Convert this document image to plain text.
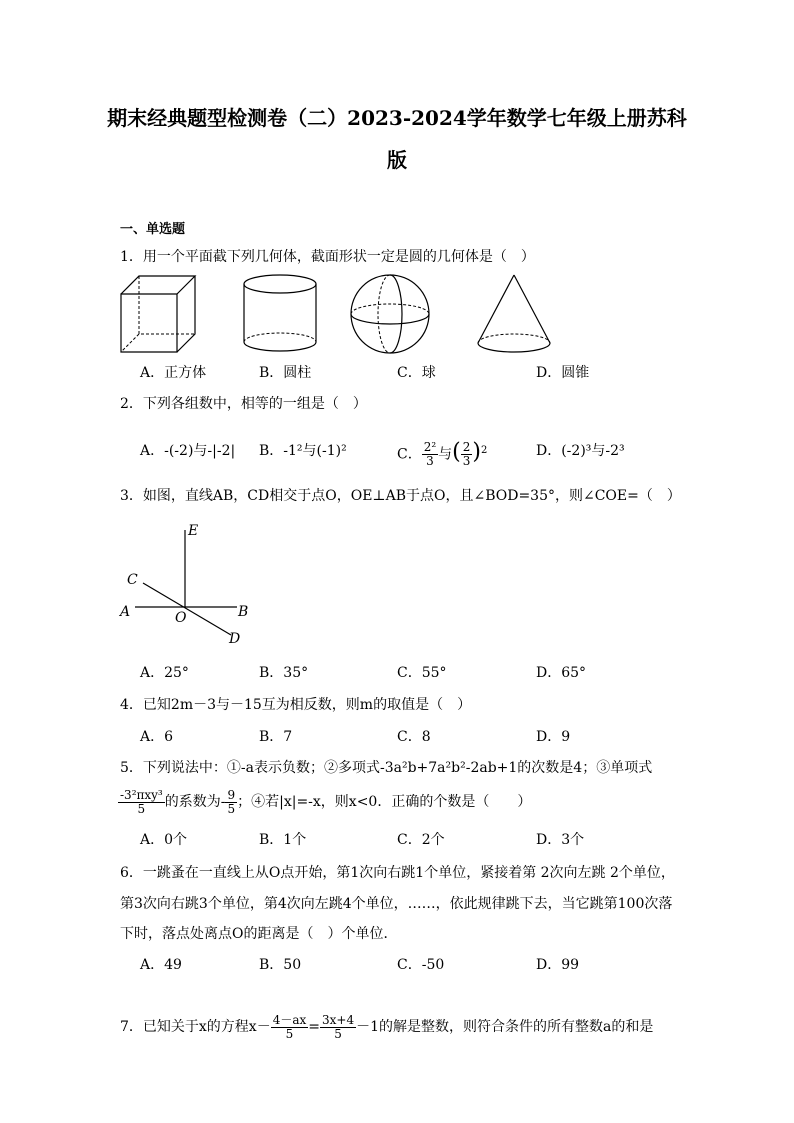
期末经典题型检测卷（二）2023-2024学年数学七年级上册苏科
版
一、单选题
1．用一个平面截下列几何体，截面形状一定是圆的几何体是（　）
A．正方体	B．圆柱	C．球	D．圆锥
2．下列各组数中，相等的一组是（　）
A．-(-2)与-|-2| B．-1²与(-1)²	C． $\frac{\text{2²}}{3}$ 与( $\frac{2}{3} )^2$	D．(-2)³与-2³
3．如图，直线AB，CD相交于点O，OE⊥AB于点O，且∠BOD=35°，则∠COE=（　）
E
C
A	O	B
D
A．25°	B．35°	C．55°	D．65°
4．已知2m－3与－15互为相反数，则m的取值是（　）
A．6	B．7	C．8	D．9
5．下列说法中：①-a表示负数；②多项式-3a²b+7a²b²-2ab+1的次数是4；③单项式
$\frac{\text{-3²πxy³}}{5}$ 的系数为- $\frac{9}{5}$ ；④若|x|=-x，则x<0．正确的个数是（　　）
A．0个	B．1个	C．2个	D．3个
6．一跳蚤在一直线上从O点开始，第1次向右跳1个单位，紧接着第 2次向左跳 2个单位，
第3次向右跳3个单位，第4次向左跳4个单位，……，依此规律跳下去，当它跳第100次落
下时，落点处离点O的距离是（　）个单位．
A．49	B．50	C．-50	D．99
7．已知关于x的方程$x- \frac{4-ax}{5} = \frac{3x+4}{5} -1$的解是整数，则符合条件的所有整数a的和是
